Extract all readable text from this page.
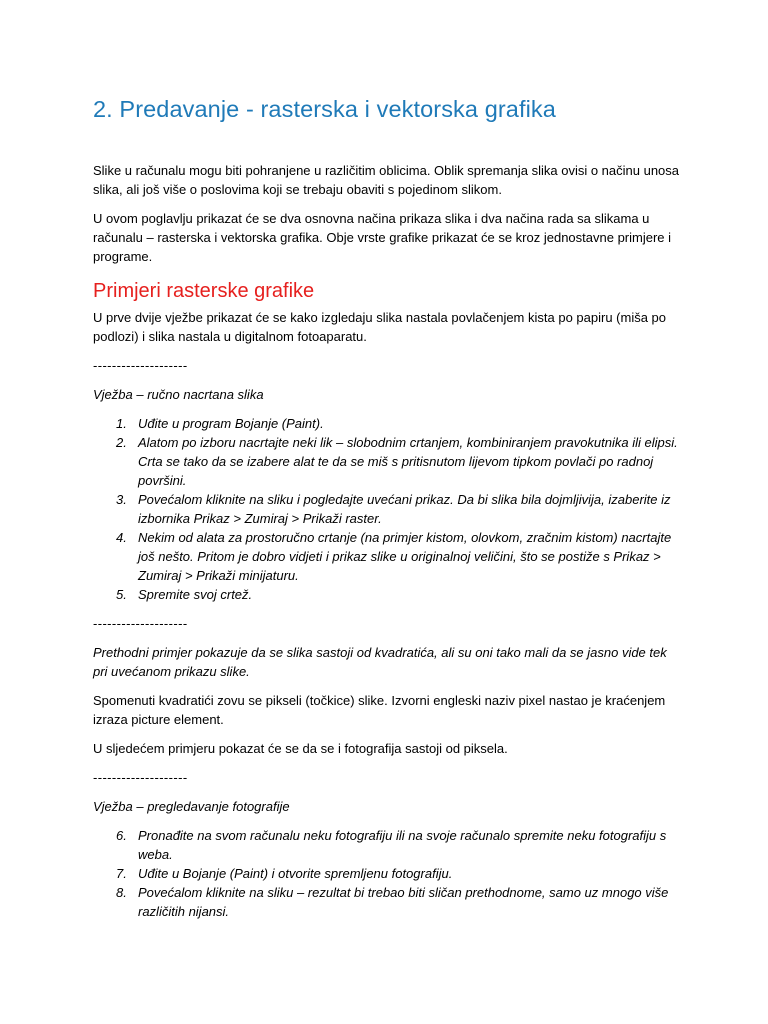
2. Predavanje - rasterska i vektorska grafika

Slike u računalu mogu biti pohranjene u različitim oblicima. Oblik spremanja slika ovisi o načinu unosa slika, ali još više o poslovima koji se trebaju obaviti s pojedinom slikom.

U ovom poglavlju prikazat će se dva osnovna načina prikaza slika i dva načina rada sa slikama u računalu – rasterska i vektorska grafika. Obje vrste grafike prikazat će se kroz jednostavne primjere i programe.

Primjeri rasterske grafike

U prve dvije vježbe prikazat će se kako izgledaju slika nastala povlačenjem kista po papiru (miša po podlozi) i slika nastala u digitalnom fotoaparatu.

--------------------

Vježba – ručno nacrtana slika

1. Uđite u program Bojanje (Paint).
2. Alatom po izboru nacrtajte neki lik – slobodnim crtanjem, kombiniranjem pravokutnika ili elipsi. Crta se tako da se izabere alat te da se miš s pritisnutom lijevom tipkom povlači po radnoj površini.
3. Povećalom kliknite na sliku i pogledajte uvećani prikaz. Da bi slika bila dojmljivija, izaberite iz izbornika Prikaz > Zumiraj > Prikaži raster.
4. Nekim od alata za prostoručno crtanje (na primjer kistom, olovkom, zračnim kistom) nacrtajte još nešto. Pritom je dobro vidjeti i prikaz slike u originalnoj veličini, što se postiže s Prikaz > Zumiraj > Prikaži minijaturu.
5. Spremite svoj crtež.

--------------------

Prethodni primjer pokazuje da se slika sastoji od kvadratića, ali su oni tako mali da se jasno vide tek pri uvećanom prikazu slike.

Spomenuti kvadratići zovu se pikseli (točkice) slike. Izvorni engleski naziv pixel nastao je kraćenjem izraza picture element.

U sljedećem primjeru pokazat će se da se i fotografija sastoji od piksela.

--------------------

Vježba – pregledavanje fotografije

6. Pronađite na svom računalu neku fotografiju ili na svoje računalo spremite neku fotografiju s weba.
7. Uđite u Bojanje (Paint) i otvorite spremljenu fotografiju.
8. Povećalom kliknite na sliku – rezultat bi trebao biti sličan prethodnome, samo uz mnogo više različitih nijansi.
